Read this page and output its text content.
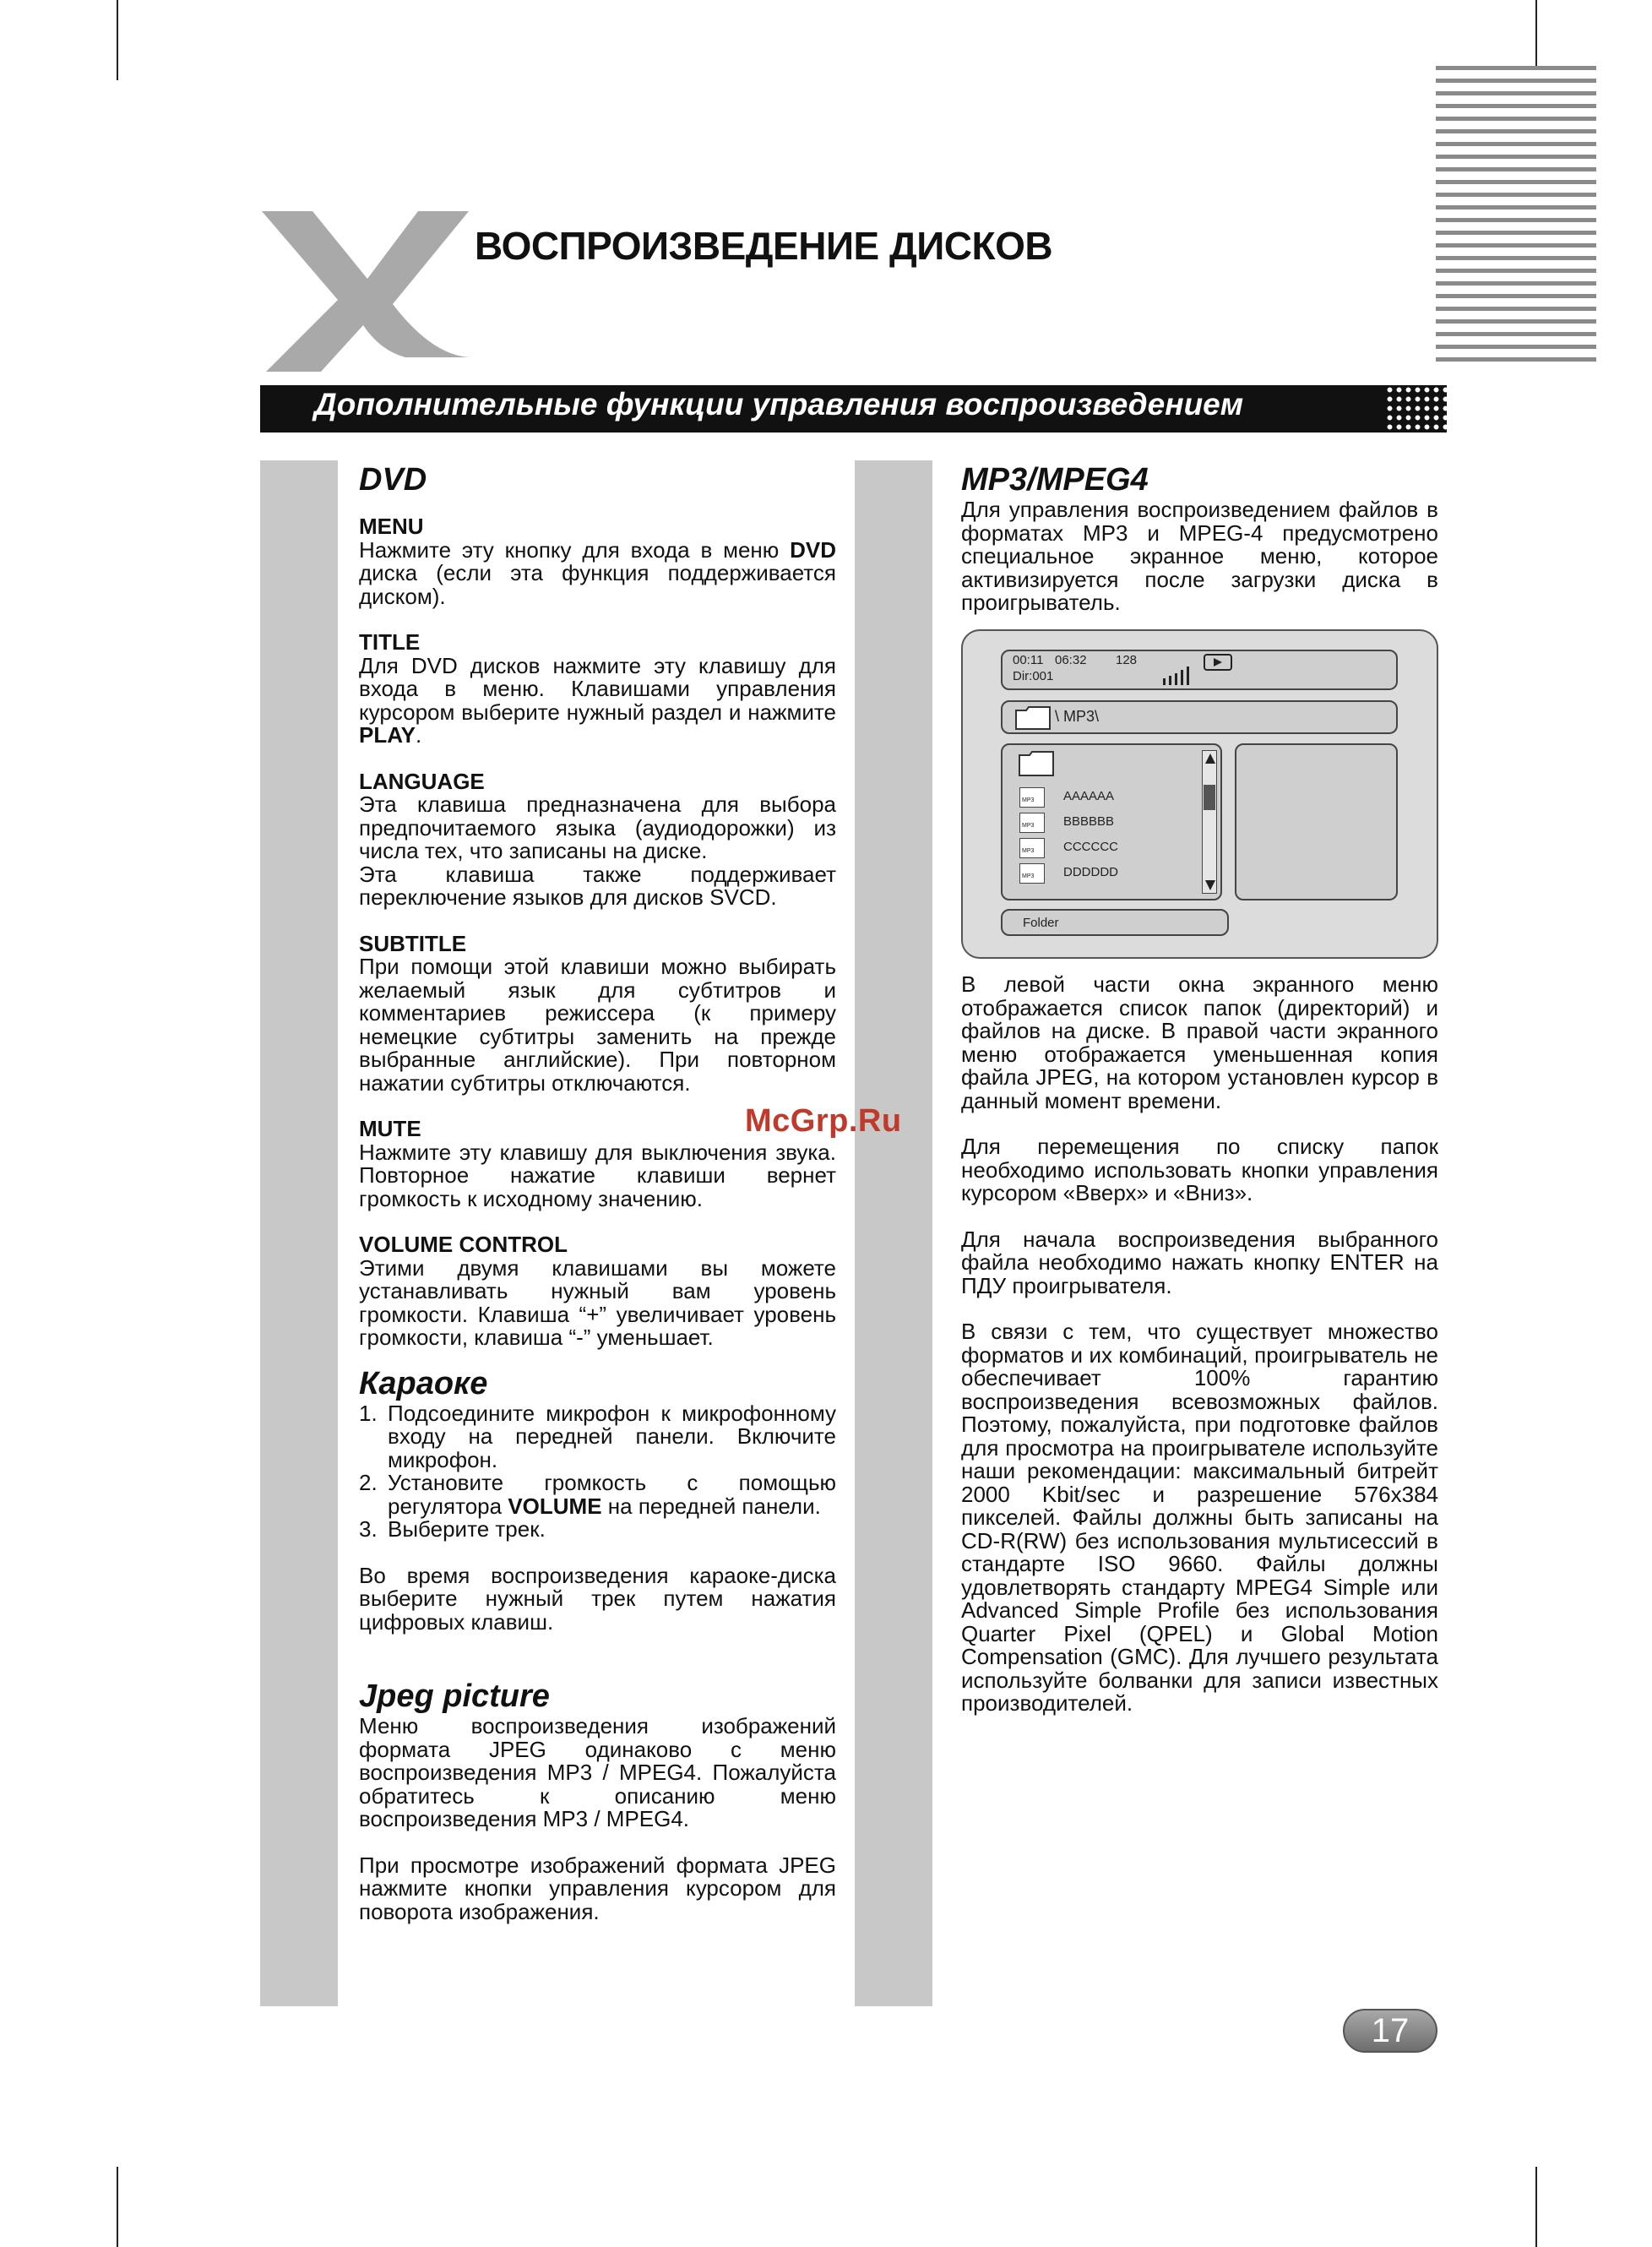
ВОСПРОИЗВЕДЕНИЕ ДИСКОВ
Дополнительные функции управления воспроизведением
DVD
MENU

Нажмите эту кнопку для входа в меню DVD диска (если эта функция поддерживается диском).

TITLE

Для DVD дисков нажмите эту клавишу для входа в меню. Клавишами управления курсором выберите нужный раздел и нажмите PLAY.

LANGUAGE

Эта клавиша предназначена для выбора предпочитаемого языка (аудиодорожки) из числа тех, что записаны на диске.

Эта клавиша также поддерживает переключение языков для дисков SVCD.

SUBTITLE

При помощи этой клавиши можно выбирать желаемый язык для субтитров и комментариев режиссера (к примеру немецкие субтитры заменить на прежде выбранные английские). При повторном нажатии субтитры отключаются.

MUTE

Нажмите эту клавишу для выключения звука. Повторное нажатие клавиши вернет громкость к исходному значению.

VOLUME CONTROL

Этими двумя клавишами вы можете устанавливать нужный вам уровень громкости. Клавиша “+” увеличивает уровень громкости, клавиша “-” уменьшает.

Караоке
1. Подсоедините микрофон к микрофонному входу на передней панели. Включите микрофон.
2. Установите громкость с помощью регулятора VOLUME на передней панели.
3. Выберите трек.

Во время воспроизведения караоке-диска выберите нужный трек путем нажатия цифровых клавиш.

Jpeg picture

Меню воспроизведения изображений формата JPEG одинаково с меню воспроизведения MP3 / MPEG4. Пожалуйста обратитесь к описанию меню воспроизведения MP3 / MPEG4.

При просмотре изображений формата JPEG нажмите кнопки управления курсором для поворота изображения.

MP3/MPEG4

Для управления воспроизведением файлов в форматах MP3 и MPEG-4 предусмотрено специальное экранное меню, которое активизируется после загрузки диска в проигрыватель.

00:11 06:32 128
Dir:001
\ MP3\
MP3 AAAAAA
MP3 BBBBBB
MP3 CCCCCC
MP3 DDDDDD
Folder

В левой части окна экранного меню отображается список папок (директорий) и файлов на диске. В правой части экранного меню отображается уменьшенная копия файла JPEG, на котором установлен курсор в данный момент времени.

Для перемещения по списку папок необходимо использовать кнопки управления курсором «Вверх» и «Вниз».

Для начала воспроизведения выбранного файла необходимо нажать кнопку ENTER на ПДУ проигрывателя.

В связи с тем, что существует множество форматов и их комбинаций, проигрыватель не обеспечивает 100% гарантию воспроизведения всевозможных файлов. Поэтому, пожалуйста, при подготовке файлов для просмотра на проигрывателе используйте наши рекомендации: максимальный битрейт 2000 Kbit/sec и разрешение 576x384 пикселей. Файлы должны быть записаны на CD-R(RW) без использования мультисессий в стандарте ISO 9660. Файлы должны удовлетворять стандарту MPEG4 Simple или Advanced Simple Profile без использования Quarter Pixel (QPEL) и Global Motion Compensation (GMC). Для лучшего результата используйте болванки для записи известных производителей.

McGrp.Ru
17
